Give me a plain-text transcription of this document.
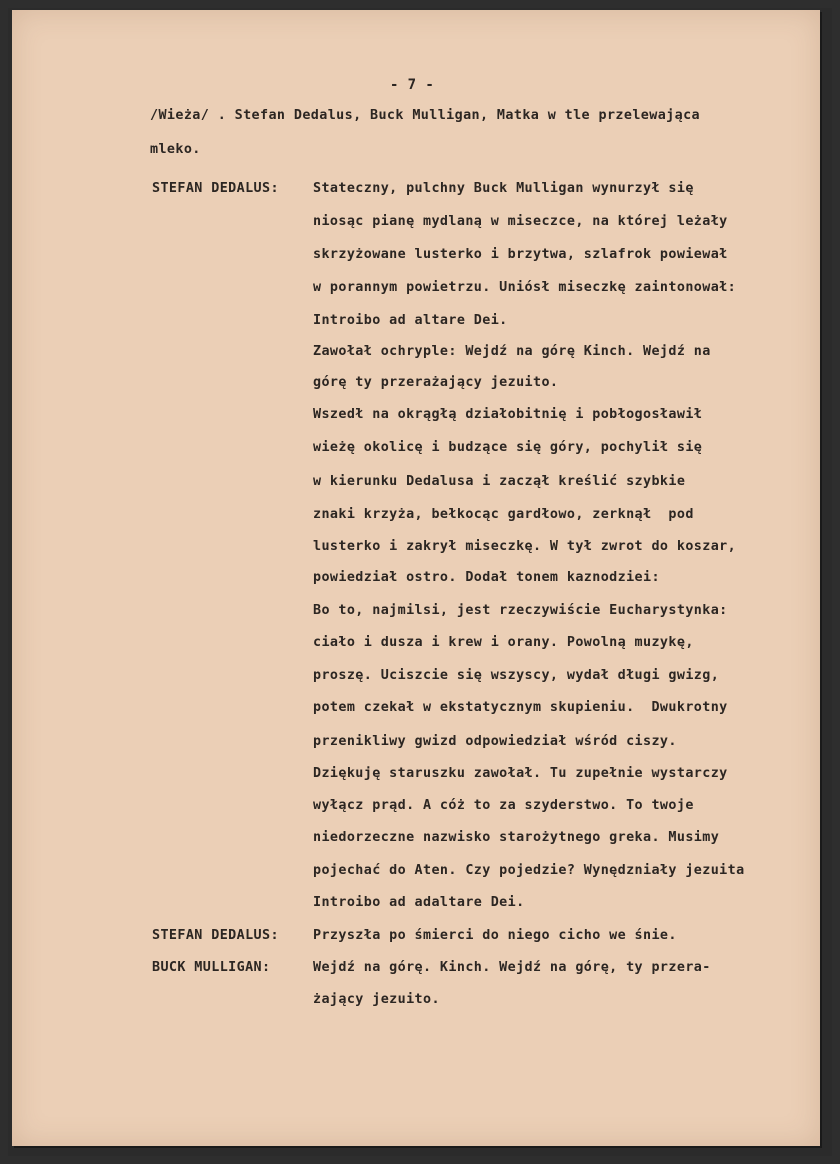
- 7 -
/Wieża/ . Stefan Dedalus, Buck Mulligan, Matka w tle przelewająca
mleko.
STEFAN DEDALUS:	Stateczny, pulchny Buck Mulligan wynurzył się
niosąc pianę mydlaną w miseczce, na której leżały
skrzyżowane lusterko i brzytwa, szlafrok powiewał
w porannym powietrzu. Uniósł miseczkę zaintonował:
Introibo ad altare Dei.
Zawołał ochryple: Wejdź na górę Kinch. Wejdź na
górę ty przerażający jezuito.
Wszedł na okrągłą działobitnię i pobłogosławił
wieżę okolicę i budzące się góry, pochylił się
w kierunku Dedalusa i zaczął kreślić szybkie
znaki krzyża, bełkocąc gardłowo, zerknął  pod
lusterko i zakrył miseczkę. W tył zwrot do koszar,
powiedział ostro. Dodał tonem kaznodziei:
Bo to, najmilsi, jest rzeczywiście Eucharystynka:
ciało i dusza i krew i orany. Powolną muzykę,
proszę. Uciszcie się wszyscy, wydał długi gwizg,
potem czekał w ekstatycznym skupieniu.  Dwukrotny
przenikliwy gwizd odpowiedział wśród ciszy.
Dziękuję staruszku zawołał. Tu zupełnie wystarczy
wyłącz prąd. A cóż to za szyderstwo. To twoje
niedorzeczne nazwisko starożytnego greka. Musimy
pojechać do Aten. Czy pojedzie? Wynędzniały jezuita
Introibo ad adaltare Dei.
STEFAN DEDALUS:	Przyszła po śmierci do niego cicho we śnie.
BUCK MULLIGAN:	Wejdź na górę. Kinch. Wejdź na górę, ty przera-
żający jezuito.
